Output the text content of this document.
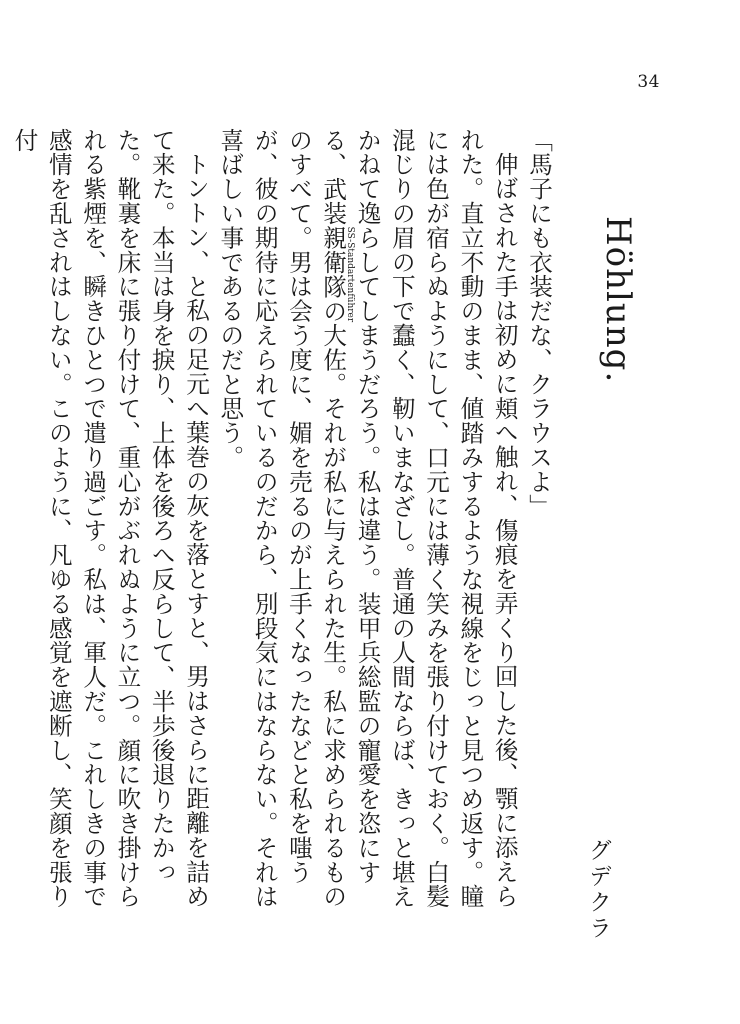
34
Höhlung.
グデクラ

「馬子にも衣装だな、クラウスよ」

伸ばされた手は初めに頬へ触れ、傷痕を弄くり回した後、顎に添えられた。直立不動のまま、値踏みするような視線をじっと見つめ返す。瞳には色が宿らぬようにして、口元には薄く笑みを張り付けておく。白髪混じりの眉の下で蠢く、靭いまなざし。普通の人間ならば、きっと堪えかねて逸らしてしまうだろう。私は違う。装甲兵総監の寵愛を恣にする、武装親衛隊の大佐SS-Standartenführer。それが私に与えられた生。私に求められるもののすべて。男は会う度に、媚を売るのが上手くなったなどと私を嗤うが、彼の期待に応えられているのだから、別段気にはならない。それは喜ばしい事であるのだと思う。

トントン、と私の足元へ葉巻の灰を落とすと、男はさらに距離を詰めて来た。本当は身を捩り、上体を後ろへ反らして、半歩後退りたかった。靴裏を床に張り付けて、重心がぶれぬように立つ。顔に吹き掛けられる紫煙を、瞬きひとつで遣り過ごす。私は、軍人だ。これしきの事で感情を乱されはしない。このように、凡ゆる感覚を遮断し、笑顔を張り付
